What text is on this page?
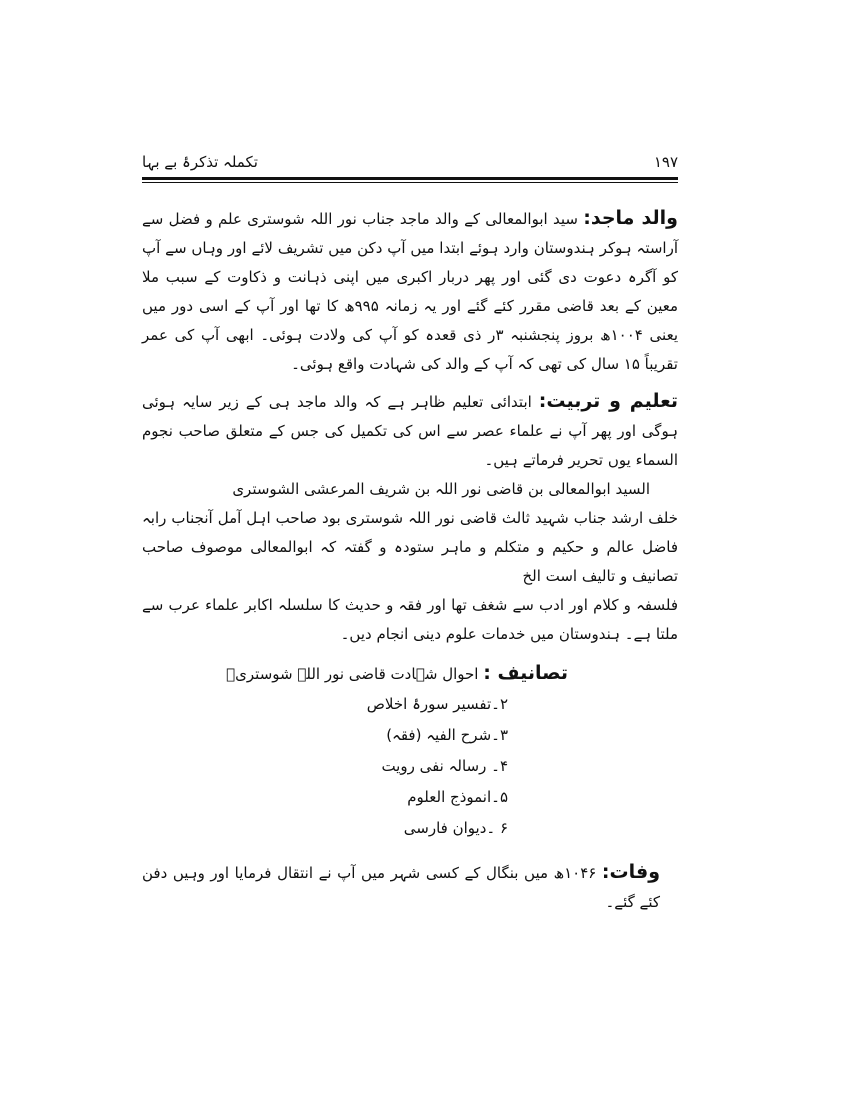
۱۹۷
تکملہ تذکرۂ بے بہا

والد ماجد: سید ابوالمعالی کے والد ماجد جناب نور اللہ شوستری علم و فضل سے آراستہ ہوکر ہندوستان وارد ہوئے ابتدا میں آپ دکن میں تشریف لائے اور وہاں سے آپ کو آگرہ دعوت دی گئی اور پھر دربار اکبری میں اپنی ذہانت و ذکاوت کے سبب ملا معین کے بعد قاضی مقرر کئے گئے اور یہ زمانہ ۹۹۵ھ کا تھا اور آپ کے اسی دور میں یعنی ۱۰۰۴ھ بروز پنجشنبہ ۳ر ذی قعدہ کو آپ کی ولادت ہوئی۔ ابھی آپ کی عمر تقریباً ۱۵ سال کی تھی کہ آپ کے والد کی شہادت واقع ہوئی۔

تعلیم و تربیت: ابتدائی تعلیم ظاہر ہے کہ والد ماجد ہی کے زیر سایہ ہوئی ہوگی اور پھر آپ نے علماء عصر سے اس کی تکمیل کی جس کے متعلق صاحب نجوم السماء یوں تحریر فرماتے ہیں۔

السید ابوالمعالی بن قاضی نور اللہ بن شریف المرعشی الشوستری

خلف ارشد جناب شہید ثالث قاضی نور اللہ شوستری بود صاحب اہل آمل آنجناب رابہ فاضل عالم و حکیم و متکلم و ماہر ستودہ و گفتہ کہ ابوالمعالی موصوف صاحب تصانیف و تالیف است الخ

فلسفہ و کلام اور ادب سے شغف تھا اور فقہ و حدیث کا سلسلہ اکابر علماء عرب سے ملتا ہے۔ ہندوستان میں خدمات علوم دینی انجام دیں۔

تصانیف : احوال شہادت قاضی نور اللہ شوستریؒ

۲۔تفسیر سورۂ اخلاص
۳۔شرح الفیہ (فقہ)
۴۔ رسالہ نفی رویت
۵۔انموذج العلوم
۶ ۔دیوان فارسی

وفات: ۱۰۴۶ھ میں بنگال کے کسی شہر میں آپ نے انتقال فرمایا اور وہیں دفن کئے گئے۔
